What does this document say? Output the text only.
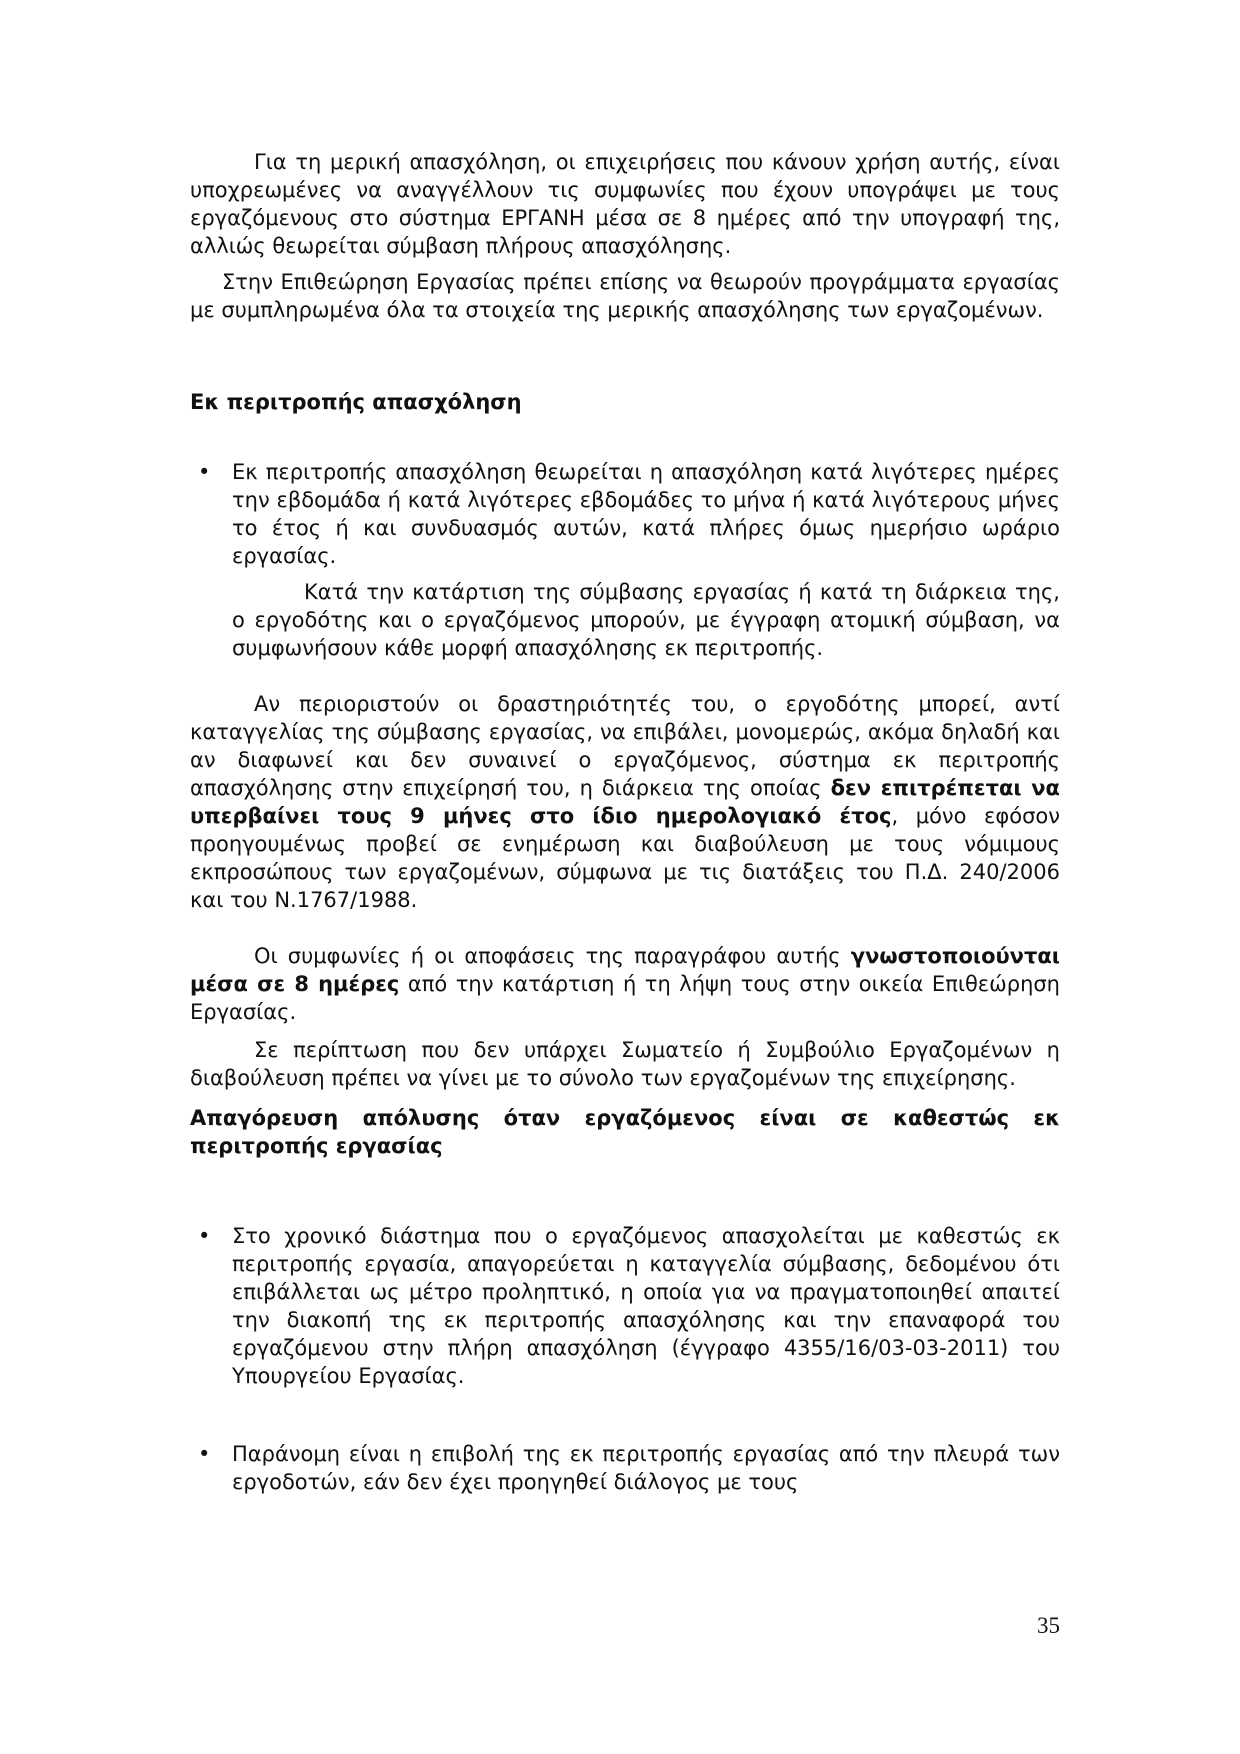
Για τη μερική απασχόληση, οι επιχειρήσεις που κάνουν χρήση αυτής, είναι υποχρεωμένες να αναγγέλλουν τις συμφωνίες που έχουν υπογράψει με τους εργαζόμενους στο σύστημα ΕΡΓΑΝΗ μέσα σε 8 ημέρες από την υπογραφή της, αλλιώς θεωρείται σύμβαση πλήρους απασχόλησης.

Στην Επιθεώρηση Εργασίας πρέπει επίσης να θεωρούν προγράμματα εργασίας με συμπληρωμένα όλα τα στοιχεία της μερικής απασχόλησης των εργαζομένων.

Εκ περιτροπής απασχόληση

• Εκ περιτροπής απασχόληση θεωρείται η απασχόληση κατά λιγότερες ημέρες την εβδομάδα ή κατά λιγότερες εβδομάδες το μήνα ή κατά λιγότερους μήνες το έτος ή και συνδυασμός αυτών, κατά πλήρες όμως ημερήσιο ωράριο εργασίας.

Κατά την κατάρτιση της σύμβασης εργασίας ή κατά τη διάρκεια της, ο εργοδότης και ο εργαζόμενος μπορούν, με έγγραφη ατομική σύμβαση, να συμφωνήσουν κάθε μορφή απασχόλησης εκ περιτροπής.

Αν περιοριστούν οι δραστηριότητές του, ο εργοδότης μπορεί, αντί καταγγελίας της σύμβασης εργασίας, να επιβάλει, μονομερώς, ακόμα δηλαδή και αν διαφωνεί και δεν συναινεί ο εργαζόμενος, σύστημα εκ περιτροπής απασχόλησης στην επιχείρησή του, η διάρκεια της οποίας δεν επιτρέπεται να υπερβαίνει τους 9 μήνες στο ίδιο ημερολογιακό έτος, μόνο εφόσον προηγουμένως προβεί σε ενημέρωση και διαβούλευση με τους νόμιμους εκπροσώπους των εργαζομένων, σύμφωνα με τις διατάξεις του Π.Δ. 240/2006 και του Ν.1767/1988.

Οι συμφωνίες ή οι αποφάσεις της παραγράφου αυτής γνωστοποιούνται μέσα σε 8 ημέρες από την κατάρτιση ή τη λήψη τους στην οικεία Επιθεώρηση Εργασίας.

Σε περίπτωση που δεν υπάρχει Σωματείο ή Συμβούλιο Εργαζομένων η διαβούλευση πρέπει να γίνει με το σύνολο των εργαζομένων της επιχείρησης.

Απαγόρευση απόλυσης όταν εργαζόμενος είναι σε καθεστώς εκ περιτροπής εργασίας

• Στο χρονικό διάστημα που ο εργαζόμενος απασχολείται με καθεστώς εκ περιτροπής εργασία, απαγορεύεται η καταγγελία σύμβασης, δεδομένου ότι επιβάλλεται ως μέτρο προληπτικό, η οποία για να πραγματοποιηθεί απαιτεί την διακοπή της εκ περιτροπής απασχόλησης και την επαναφορά του εργαζόμενου στην πλήρη απασχόληση (έγγραφο 4355/16/03-03-2011) του Υπουργείου Εργασίας.

• Παράνομη είναι η επιβολή της εκ περιτροπής εργασίας από την πλευρά των εργοδοτών, εάν δεν έχει προηγηθεί διάλογος με τους

35
